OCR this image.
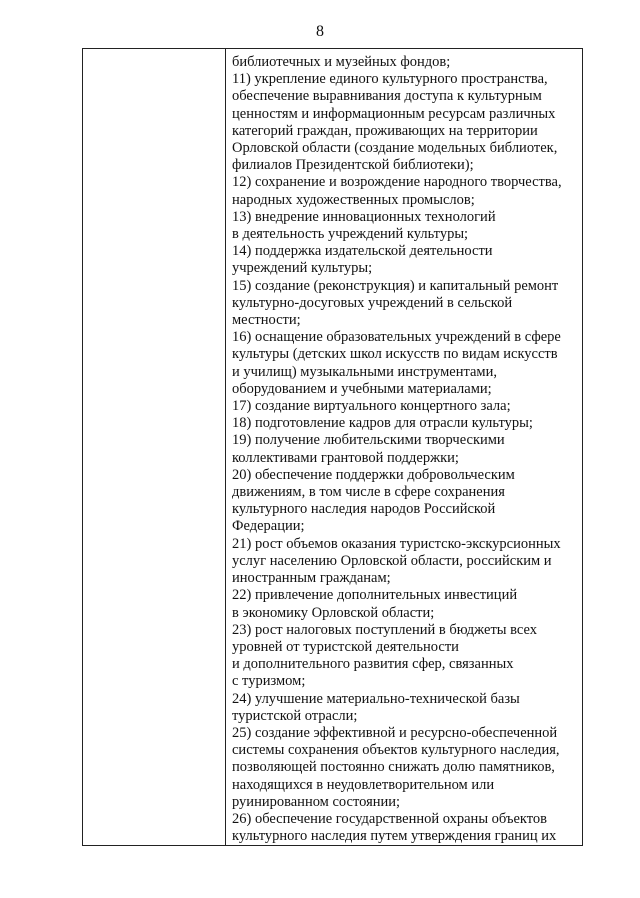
8
библиотечных и музейных фондов;
11) укрепление единого культурного пространства,
обеспечение выравнивания доступа к культурным
ценностям и информационным ресурсам различных
категорий граждан, проживающих на территории
Орловской области (создание модельных библиотек,
филиалов Президентской библиотеки);
12) сохранение и возрождение народного творчества,
народных художественных промыслов;
13) внедрение инновационных технологий
в деятельность учреждений культуры;
14) поддержка издательской деятельности
учреждений культуры;
15) создание (реконструкция) и капитальный ремонт
культурно-досуговых учреждений в сельской
местности;
16) оснащение образовательных учреждений в сфере
культуры (детских школ искусств по видам искусств
и училищ) музыкальными инструментами,
оборудованием и учебными материалами;
17) создание виртуального концертного зала;
18) подготовление кадров для отрасли культуры;
19) получение любительскими творческими
коллективами грантовой поддержки;
20) обеспечение поддержки добровольческим
движениям, в том числе в сфере сохранения
культурного наследия народов Российской
Федерации;
21) рост объемов оказания туристско-экскурсионных
услуг населению Орловской области, российским и
иностранным гражданам;
22) привлечение дополнительных инвестиций
в экономику Орловской области;
23) рост налоговых поступлений в бюджеты всех
уровней от туристской деятельности
и дополнительного развития сфер, связанных
с туризмом;
24) улучшение материально-технической базы
туристской отрасли;
25) создание эффективной и ресурсно-обеспеченной
системы сохранения объектов культурного наследия,
позволяющей постоянно снижать долю памятников,
находящихся в неудовлетворительном или
руинированном состоянии;
26) обеспечение государственной охраны объектов
культурного наследия путем утверждения границ их
